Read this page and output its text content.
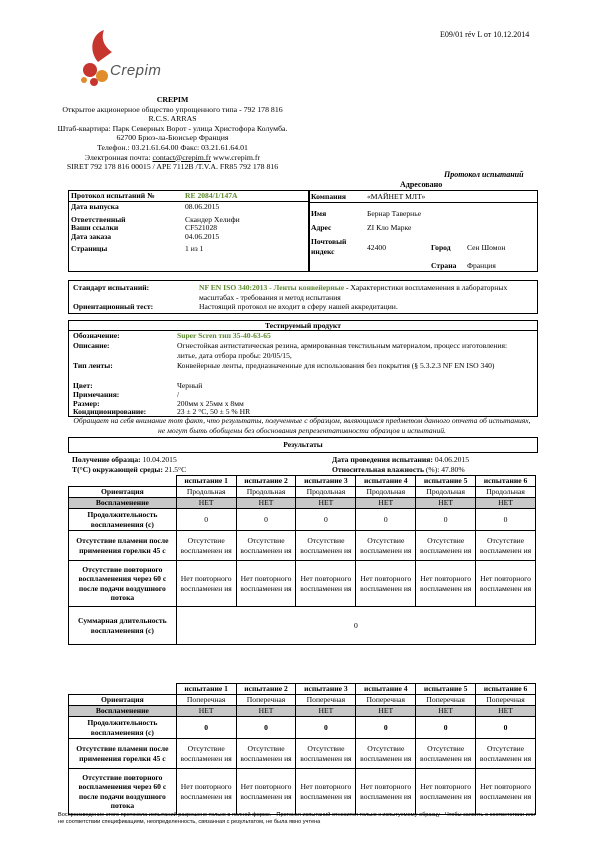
E09/01 rév L от 10.12.2014
Crepim
CREPIM
Открытое акционерное общество упрощенного типа - 792 178 816
R.C.S. ARRAS
Штаб-квартира: Парк Северных Ворот - улица Христофора Колумба.
62700 Брюэ-ла-Бюисьер Франция
Телефон.: 03.21.61.64.00 Факс: 03.21.61.64.01
Электронная почта: contact@crepim.fr www.crepim.fr
SIRET 792 178 816 00015 / APE 7112B /T.V.A. FR85 792 178 816
Протокол испытаний
Адресовано
Протокол испытаний №	RE 2084/1/147A
Дата выпуска	08.06.2015
Ответственный	Скандер Хелифи
Ваши ссылки	CF521028
Дата заказа	04.06.2015
Страницы	1 из 1
Компания	«МАЙНЕТ МЛТ»
Имя	Бернар Таверньe
Адрес	ZI Кло Марке
Почтовый индекс	42400	Город Сен Шомон
Страна Франция
Стандарт испытаний:	NF EN ISO 340:2013 - Ленты конвейерные - Характеристики воспламенения в лабораторных масштабах - требования и метод испытания
Ориентационный тест:	Настоящий протокол не входит в сферу нашей аккредитации.
Тестируемый продукт
Обозначение:	Super Scren тип 35-40-63-65
Описание:	Огнестойкая антистатическая резина, армированная текстильным материалом, процесс изготовления: литье, дата отбора пробы: 20/05/15,
Тип ленты:	Конвейерные ленты, предназначенные для использования без покрытия (§ 5.3.2.3 NF EN ISO 340)
Цвет:	Черный
Примечания:	/
Размер:	200мм x 25мм x 8мм
Кондиционирование:	23 ± 2 °C, 50 ± 5 % HR
Обращает на себя внимание тот факт, что результаты, полученные с образцом, являющимся предметом данного отчета об испытаниях, не могут быть обобщены без обоснования репрезентативности образцов и испытаний.
Результаты
Получение образца: 10.04.2015	Дата проведения испытания: 04.06.2015
T(°C) окружающей среды: 21.5°C	Относительная влажность (%): 47.80%
	испытание 1	испытание 2	испытание 3	испытание 4	испытание 5	испытание 6
Ориентация	Продольная	Продольная	Продольная	Продольная	Продольная	Продольная
Воспламенение	НЕТ	НЕТ	НЕТ	НЕТ	НЕТ	НЕТ
Продолжительность воспламенения (с)	0	0	0	0	0	0
Отсутствие пламени после применения горелки 45 с	Отсутствие воспламенен ия	Отсутствие воспламенен ия	Отсутствие воспламенен ия	Отсутствие воспламенен ия	Отсутствие воспламенен ия	Отсутствие воспламенен ия
Отсутствие повторного воспламенения через 60 с после подачи воздушного потока	Нет повторного воспламенен ия	Нет повторного воспламенен ия	Нет повторного воспламенен ия	Нет повторного воспламенен ия	Нет повторного воспламенен ия	Нет повторного воспламенен ия
Суммарная длительность воспламенения (с)	0					
	испытание 1	испытание 2	испытание 3	испытание 4	испытание 5	испытание 6
Ориентация	Поперечная	Поперечная	Поперечная	Поперечная	Поперечная	Поперечная
Воспламенение	НЕТ	НЕТ	НЕТ	НЕТ	НЕТ	НЕТ
Продолжительность воспламенения (с)	0	0	0	0	0	0
Отсутствие пламени после применения горелки 45 с	Отсутствие воспламенен ия	Отсутствие воспламенен ия	Отсутствие воспламенен ия	Отсутствие воспламенен ия	Отсутствие воспламенен ия	Отсутствие воспламенен ия
Отсутствие повторного воспламенения через 60 с после подачи воздушного потока	Нет повторного воспламенен ия	Нет повторного воспламенен ия	Нет повторного воспламенен ия	Нет повторного воспламенен ия	Нет повторного воспламенен ия	Нет повторного воспламенен ия
Воспроизведение этого протокола испытаний разрешено только в полной форме. - Протокол испытаний относится только к испытуемому образцу - Чтобы заявить о соответствии или не соответствии спецификациям, неопределенность, связанная с результатом, не была явно учтена
